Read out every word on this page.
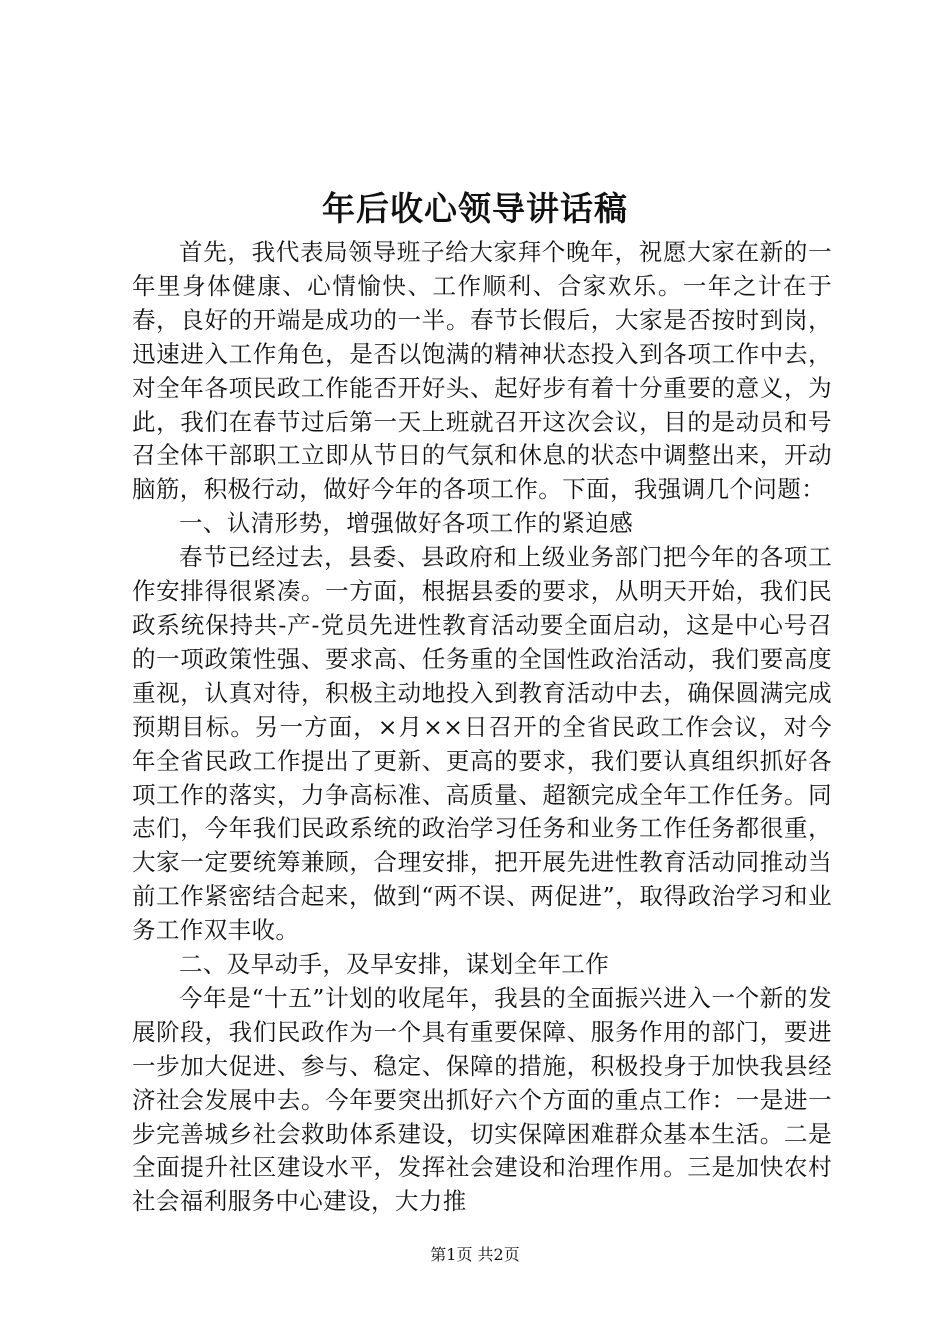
年后收心领导讲话稿

首先，我代表局领导班子给大家拜个晚年，祝愿大家在新的一年里身体健康、心情愉快、工作顺利、合家欢乐。一年之计在于春，良好的开端是成功的一半。春节长假后，大家是否按时到岗，迅速进入工作角色，是否以饱满的精神状态投入到各项工作中去，对全年各项民政工作能否开好头、起好步有着十分重要的意义，为此，我们在春节过后第一天上班就召开这次会议，目的是动员和号召全体干部职工立即从节日的气氛和休息的状态中调整出来，开动脑筋，积极行动，做好今年的各项工作。下面，我强调几个问题：

一、认清形势，增强做好各项工作的紧迫感

春节已经过去，县委、县政府和上级业务部门把今年的各项工作安排得很紧凑。一方面，根据县委的要求，从明天开始，我们民政系统保持共-产-党员先进性教育活动要全面启动，这是中心号召的一项政策性强、要求高、任务重的全国性政治活动，我们要高度重视，认真对待，积极主动地投入到教育活动中去，确保圆满完成预期目标。另一方面，×月××日召开的全省民政工作会议，对今年全省民政工作提出了更新、更高的要求，我们要认真组织抓好各项工作的落实，力争高标准、高质量、超额完成全年工作任务。同志们，今年我们民政系统的政治学习任务和业务工作任务都很重，大家一定要统筹兼顾，合理安排，把开展先进性教育活动同推动当前工作紧密结合起来，做到“两不误、两促进”，取得政治学习和业务工作双丰收。

二、及早动手，及早安排，谋划全年工作

今年是“十五”计划的收尾年，我县的全面振兴进入一个新的发展阶段，我们民政作为一个具有重要保障、服务作用的部门，要进一步加大促进、参与、稳定、保障的措施，积极投身于加快我县经济社会发展中去。今年要突出抓好六个方面的重点工作：一是进一步完善城乡社会救助体系建设，切实保障困难群众基本生活。二是全面提升社区建设水平，发挥社会建设和治理作用。三是加快农村社会福利服务中心建设，大力推

第1页 共2页
